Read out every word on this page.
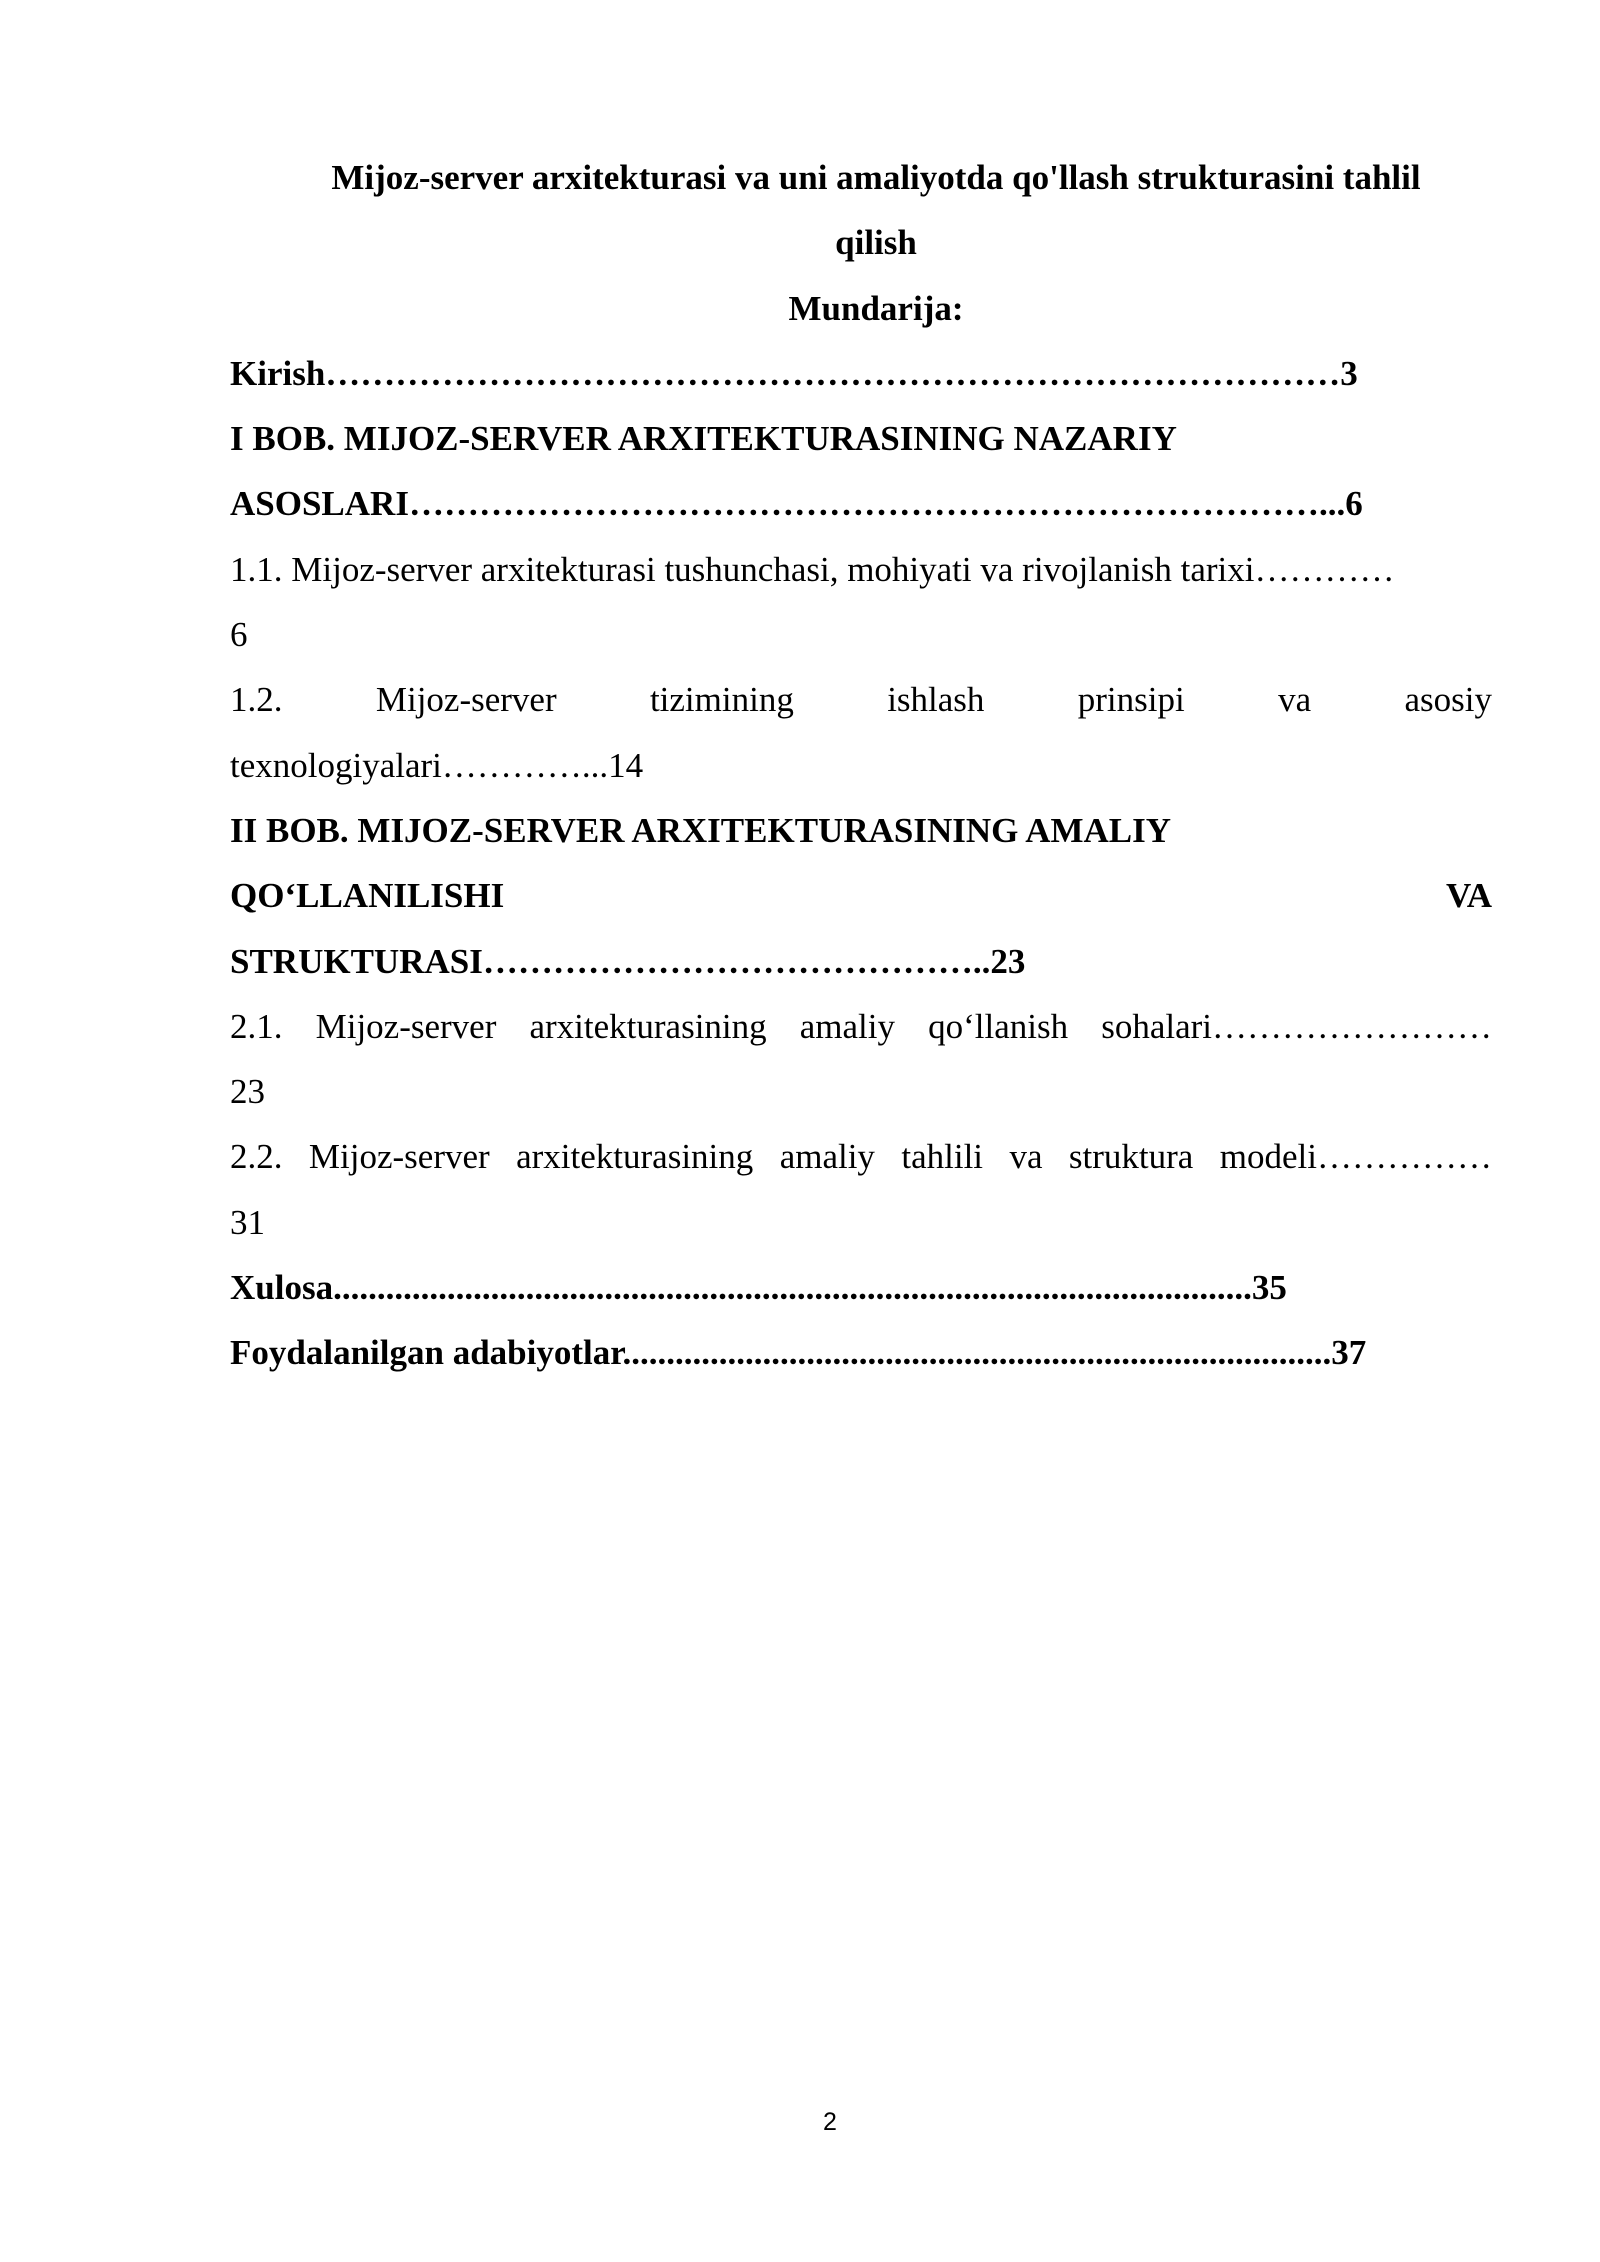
Mijoz-server arxitekturasi va uni amaliyotda qo'llash strukturasini tahlil
qilish
Mundarija:
Kirish……………………………………………………………………………3
I BOB. MIJOZ-SERVER ARXITEKTURASINING NAZARIY
ASOSLARI……………………………………………………………………...6
1.1. Mijoz-server arxitekturasi tushunchasi, mohiyati va rivojlanish tarixi…………
6
1.2.	Mijoz-server	tizimining	ishlash	prinsipi	va	asosiy
texnologiyalari…………...14
II BOB. MIJOZ-SERVER ARXITEKTURASINING AMALIY
QO‘LLANILISHI	VA
STRUKTURASI……………………………………..23
2.1. Mijoz-server arxitekturasining amaliy qo‘llanish sohalari……………………
23
2.2. Mijoz-server arxitekturasining amaliy tahlili va struktura modeli……………
31
Xulosa.........................................................................................................35
Foydalanilgan adabiyotlar.................................................................................37
2
